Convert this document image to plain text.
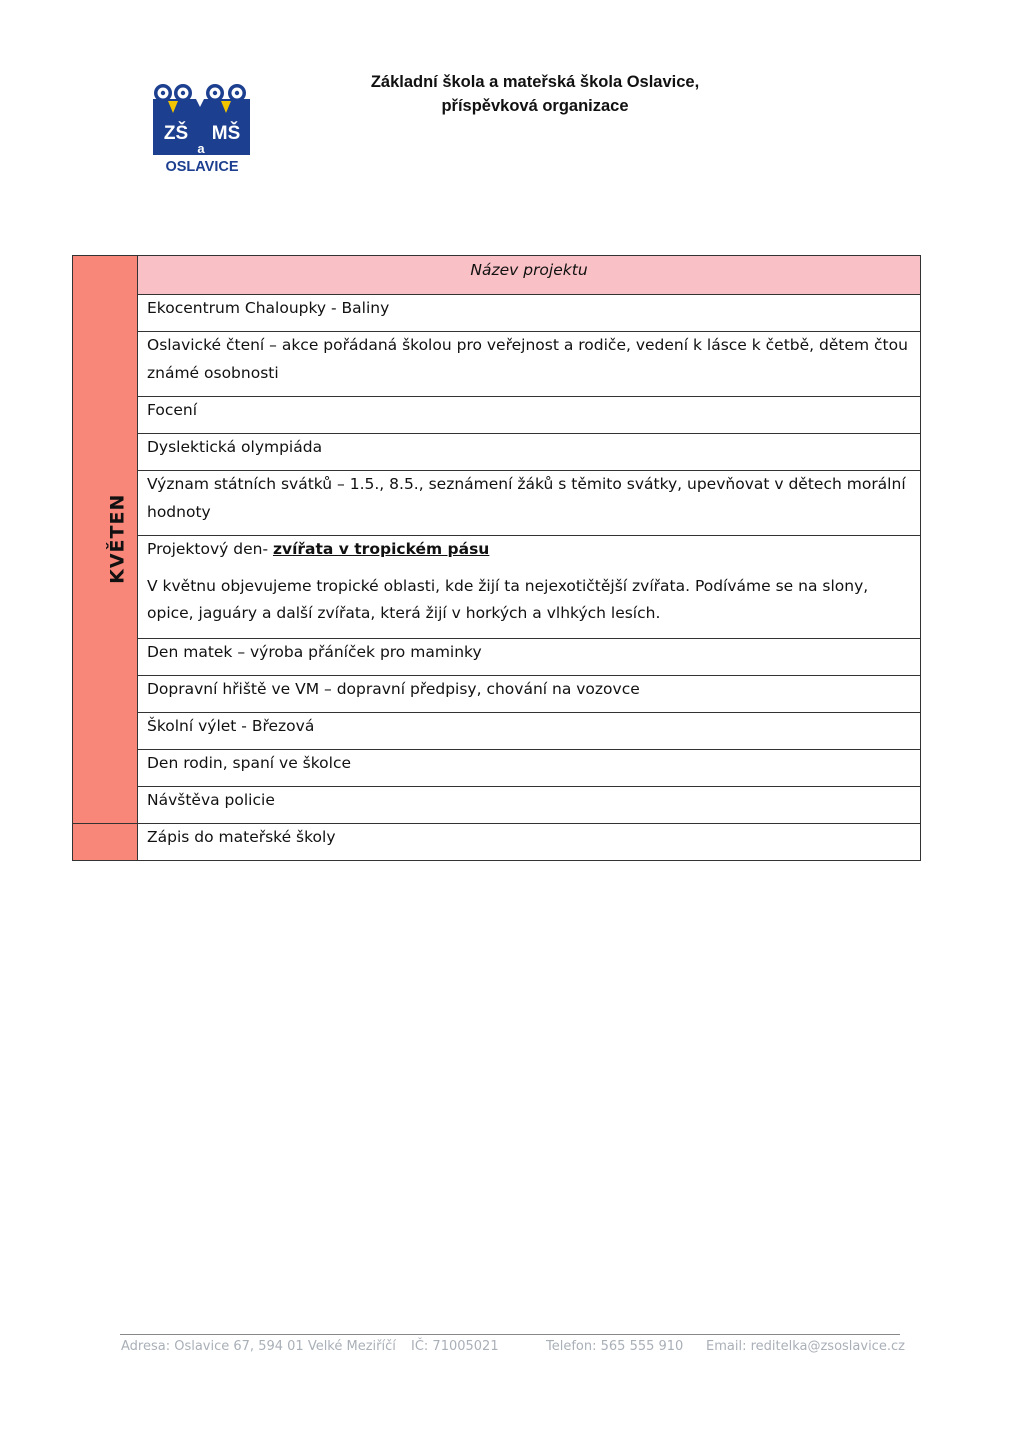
ZŠ MŠ
a
OSLAVICE
Základní škola a mateřská škola Oslavice,
příspěvková organizace
KVĚTEN	Název projektu
	Ekocentrum Chaloupky - Baliny
	Oslavické čtení – akce pořádaná školou pro veřejnost a rodiče, vedení k lásce k četbě, dětem čtou známé osobnosti
	Focení
	Dyslektická olympiáda
	Význam státních svátků – 1.5., 8.5., seznámení žáků s těmito svátky, upevňovat v dětech morální hodnoty

	Projektový den- zvířata v tropickém pásu
V květnu objevujeme tropické oblasti, kde žijí ta nejexotičtější zvířata. Podíváme se na slony, opice, jaguáry a další zvířata, která žijí v horkých a vlhkých lesích.

	Den matek – výroba přáníček pro maminky
	Dopravní hřiště ve VM – dopravní předpisy, chování na vozovce
	Školní výlet - Březová
	Den rodin, spaní ve školce
	Návštěva policie
	Zápis do mateřské školy
Adresa: Oslavice 67, 594 01 Velké Meziříčí IČ: 71005021	Telefon: 565 555 910 Email: reditelka@zsoslavice.cz
